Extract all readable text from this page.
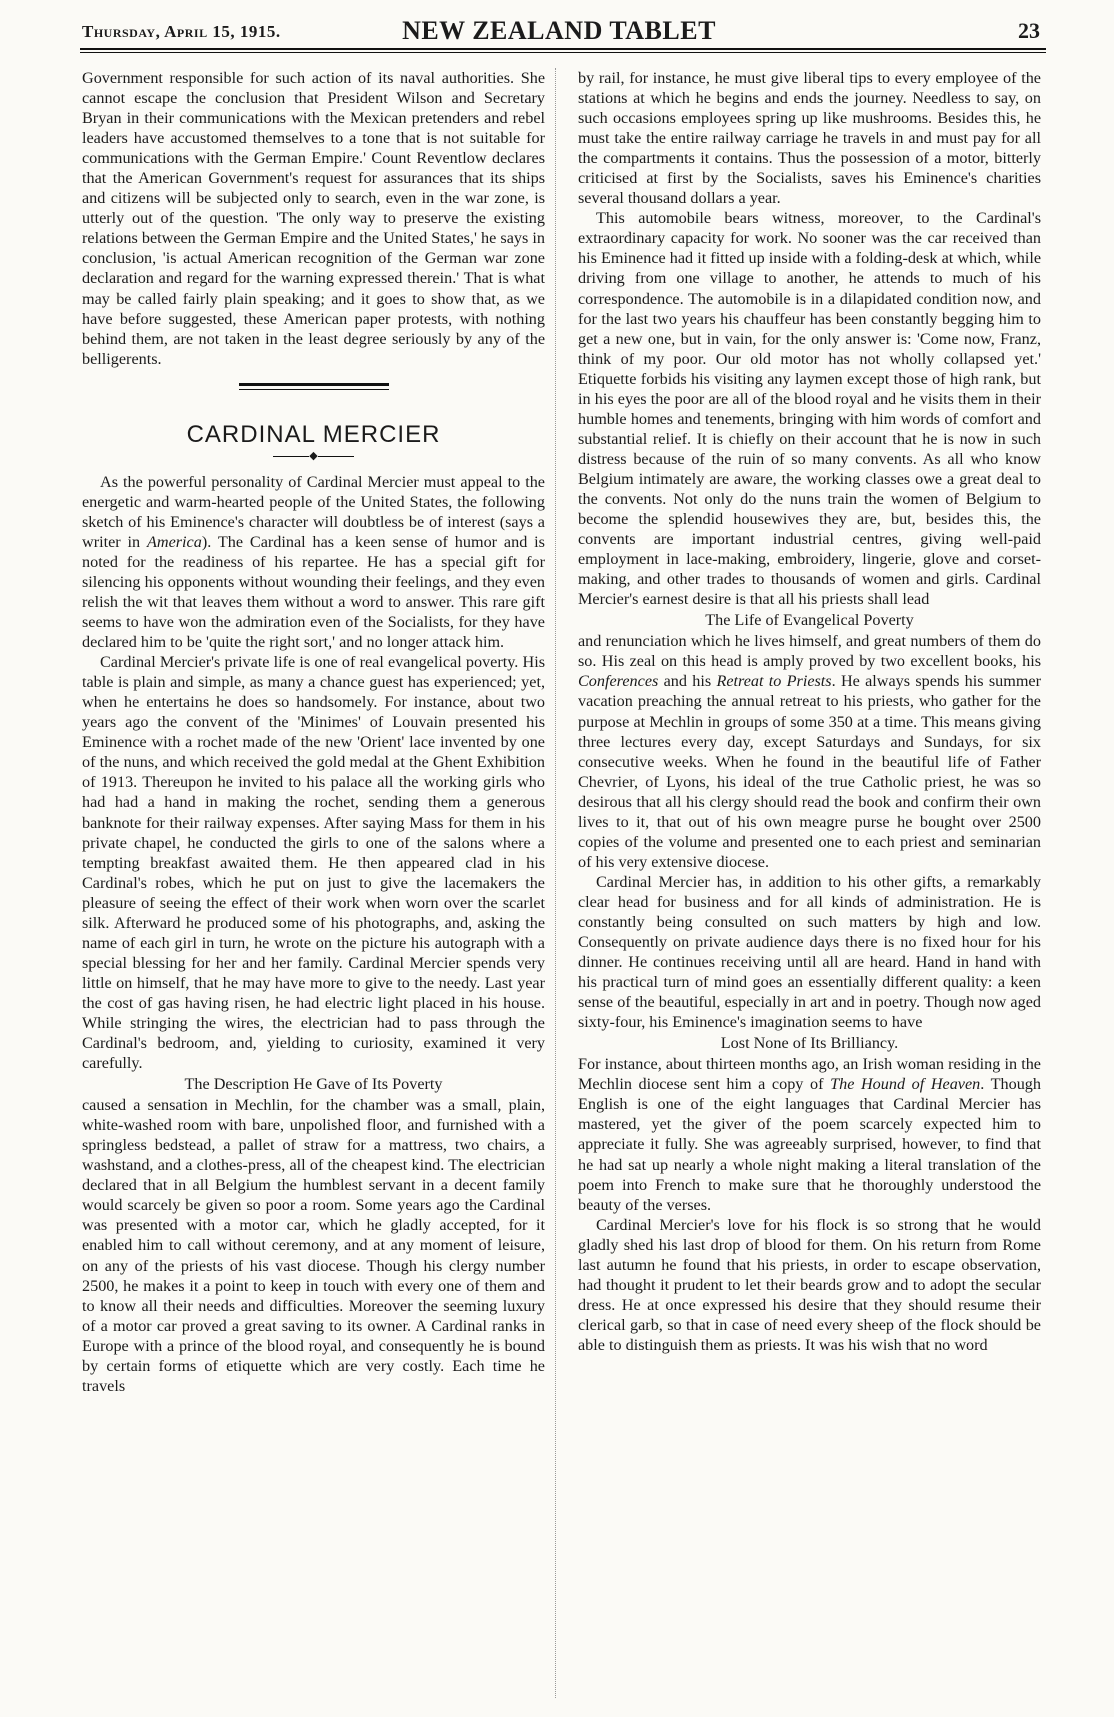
Thursday, April 15, 1915.	NEW ZEALAND TABLET	23

Government responsible for such action of its naval authorities. She cannot escape the conclusion that President Wilson and Secretary Bryan in their communications with the Mexican pretenders and rebel leaders have accustomed themselves to a tone that is not suitable for communications with the German Empire.' Count Reventlow declares that the American Government's request for assurances that its ships and citizens will be subjected only to search, even in the war zone, is utterly out of the question. 'The only way to preserve the existing relations between the German Empire and the United States,' he says in conclusion, 'is actual American recognition of the German war zone declaration and regard for the warning expressed therein.' That is what may be called fairly plain speaking; and it goes to show that, as we have before suggested, these American paper protests, with nothing behind them, are not taken in the least degree seriously by any of the belligerents.

CARDINAL MERCIER
◆

As the powerful personality of Cardinal Mercier must appeal to the energetic and warm-hearted people of the United States, the following sketch of his Eminence's character will doubtless be of interest (says a writer in America). The Cardinal has a keen sense of humor and is noted for the readiness of his repartee. He has a special gift for silencing his opponents without wounding their feelings, and they even relish the wit that leaves them without a word to answer. This rare gift seems to have won the admiration even of the Socialists, for they have declared him to be 'quite the right sort,' and no longer attack him.

Cardinal Mercier's private life is one of real evangelical poverty. His table is plain and simple, as many a chance guest has experienced; yet, when he entertains he does so handsomely. For instance, about two years ago the convent of the 'Minimes' of Louvain presented his Eminence with a rochet made of the new 'Orient' lace invented by one of the nuns, and which received the gold medal at the Ghent Exhibition of 1913. Thereupon he invited to his palace all the working girls who had had a hand in making the rochet, sending them a generous banknote for their railway expenses. After saying Mass for them in his private chapel, he conducted the girls to one of the salons where a tempting breakfast awaited them. He then appeared clad in his Cardinal's robes, which he put on just to give the lacemakers the pleasure of seeing the effect of their work when worn over the scarlet silk. Afterward he produced some of his photographs, and, asking the name of each girl in turn, he wrote on the picture his autograph with a special blessing for her and her family. Cardinal Mercier spends very little on himself, that he may have more to give to the needy. Last year the cost of gas having risen, he had electric light placed in his house. While stringing the wires, the electrician had to pass through the Cardinal's bedroom, and, yielding to curiosity, examined it very carefully.

The Description He Gave of Its Poverty

caused a sensation in Mechlin, for the chamber was a small, plain, white-washed room with bare, unpolished floor, and furnished with a springless bedstead, a pallet of straw for a mattress, two chairs, a washstand, and a clothes-press, all of the cheapest kind. The electrician declared that in all Belgium the humblest servant in a decent family would scarcely be given so poor a room. Some years ago the Cardinal was presented with a motor car, which he gladly accepted, for it enabled him to call without ceremony, and at any moment of leisure, on any of the priests of his vast diocese. Though his clergy number 2500, he makes it a point to keep in touch with every one of them and to know all their needs and difficulties. Moreover the seeming luxury of a motor car proved a great saving to its owner. A Cardinal ranks in Europe with a prince of the blood royal, and consequently he is bound by certain forms of etiquette which are very costly. Each time he travels

by rail, for instance, he must give liberal tips to every employee of the stations at which he begins and ends the journey. Needless to say, on such occasions employees spring up like mushrooms. Besides this, he must take the entire railway carriage he travels in and must pay for all the compartments it contains. Thus the possession of a motor, bitterly criticised at first by the Socialists, saves his Eminence's charities several thousand dollars a year.

This automobile bears witness, moreover, to the Cardinal's extraordinary capacity for work. No sooner was the car received than his Eminence had it fitted up inside with a folding-desk at which, while driving from one village to another, he attends to much of his correspondence. The automobile is in a dilapidated condition now, and for the last two years his chauffeur has been constantly begging him to get a new one, but in vain, for the only answer is: 'Come now, Franz, think of my poor. Our old motor has not wholly collapsed yet.' Etiquette forbids his visiting any laymen except those of high rank, but in his eyes the poor are all of the blood royal and he visits them in their humble homes and tenements, bringing with him words of comfort and substantial relief. It is chiefly on their account that he is now in such distress because of the ruin of so many convents. As all who know Belgium intimately are aware, the working classes owe a great deal to the convents. Not only do the nuns train the women of Belgium to become the splendid housewives they are, but, besides this, the convents are important industrial centres, giving well-paid employment in lace-making, embroidery, lingerie, glove and corset-making, and other trades to thousands of women and girls. Cardinal Mercier's earnest desire is that all his priests shall lead

The Life of Evangelical Poverty

and renunciation which he lives himself, and great numbers of them do so. His zeal on this head is amply proved by two excellent books, his Conferences and his Retreat to Priests. He always spends his summer vacation preaching the annual retreat to his priests, who gather for the purpose at Mechlin in groups of some 350 at a time. This means giving three lectures every day, except Saturdays and Sundays, for six consecutive weeks. When he found in the beautiful life of Father Chevrier, of Lyons, his ideal of the true Catholic priest, he was so desirous that all his clergy should read the book and confirm their own lives to it, that out of his own meagre purse he bought over 2500 copies of the volume and presented one to each priest and seminarian of his very extensive diocese.

Cardinal Mercier has, in addition to his other gifts, a remarkably clear head for business and for all kinds of administration. He is constantly being consulted on such matters by high and low. Consequently on private audience days there is no fixed hour for his dinner. He continues receiving until all are heard. Hand in hand with his practical turn of mind goes an essentially different quality: a keen sense of the beautiful, especially in art and in poetry. Though now aged sixty-four, his Eminence's imagination seems to have

Lost None of Its Brilliancy.

For instance, about thirteen months ago, an Irish woman residing in the Mechlin diocese sent him a copy of The Hound of Heaven. Though English is one of the eight languages that Cardinal Mercier has mastered, yet the giver of the poem scarcely expected him to appreciate it fully. She was agreeably surprised, however, to find that he had sat up nearly a whole night making a literal translation of the poem into French to make sure that he thoroughly understood the beauty of the verses.

Cardinal Mercier's love for his flock is so strong that he would gladly shed his last drop of blood for them. On his return from Rome last autumn he found that his priests, in order to escape observation, had thought it prudent to let their beards grow and to adopt the secular dress. He at once expressed his desire that they should resume their clerical garb, so that in case of need every sheep of the flock should be able to distinguish them as priests. It was his wish that no word
